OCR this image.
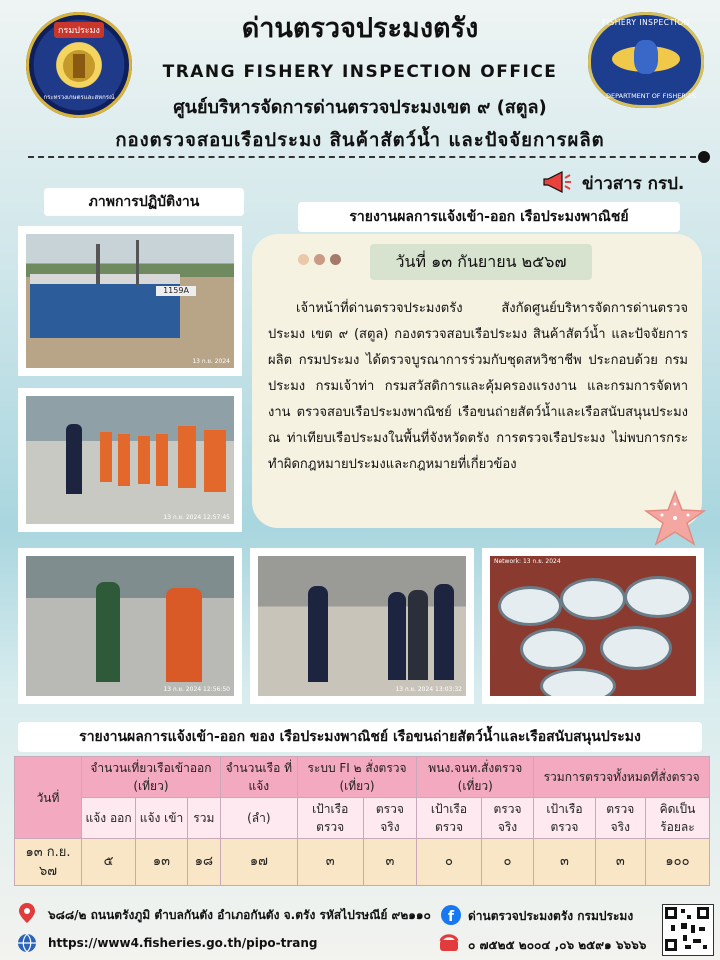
กรมประมง
กระทรวงเกษตรและสหกรณ์
ด่านตรวจประมงตรัง
TRANG FISHERY INSPECTION OFFICE
ศูนย์บริหารจัดการด่านตรวจประมงเขต ๙ (สตูล)
กองตรวจสอบเรือประมง สินค้าสัตว์น้ำ และปัจจัยการผลิต
FISHERY INSPECTION
DEPARTMENT OF FISHERIES
ข่าวสาร กรป.
ภาพการปฏิบัติงาน
รายงานผลการแจ้งเข้า-ออก เรือประมงพาณิชย์
1159A
13 ก.ย. 2024
13 ก.ย. 2024 12:57:45
13 ก.ย. 2024 12:56:50	13 ก.ย. 2024 13:03:32
Network: 13 ก.ย. 2024
วันที่ ๑๓ กันยายน ๒๕๖๗
เจ้าหน้าที่ด่านตรวจประมงตรัง สังกัดศูนย์บริหารจัดการด่านตรวจประมง เขต ๙ (สตูล) กองตรวจสอบเรือประมง สินค้าสัตว์น้ำ และปัจจัยการผลิต กรมประมง ได้ตรวจบูรณาการร่วมกับชุดสหวิชาชีพ ประกอบด้วย กรมประมง กรมเจ้าท่า กรมสวัสดิการและคุ้มครองแรงงาน และกรมการจัดหางาน ตรวจสอบเรือประมงพาณิชย์ เรือขนถ่ายสัตว์น้ำและเรือสนับสนุนประมง ณ ท่าเทียบเรือประมงในพื้นที่จังหวัดตรัง การตรวจเรือประมง ไม่พบการกระทำผิดกฎหมายประมงและกฎหมายที่เกี่ยวข้อง
รายงานผลการแจ้งเข้า-ออก ของ เรือประมงพาณิชย์ เรือขนถ่ายสัตว์น้ำและเรือสนับสนุนประมง
วันที่	จำนวนเที่ยวเรือเข้าออก (เที่ยว)			จำนวนเรือ ที่แจ้ง	ระบบ FI ๒ สั่งตรวจ (เที่ยว)		พนง.จนท.สั่งตรวจ (เที่ยว)		รวมการตรวจทั้งหมดที่สั่งตรวจ		
	แจ้ง ออก	แจ้ง เข้า	รวม	(ลำ)	เป้าเรือ ตรวจ	ตรวจ จริง	เป้าเรือ ตรวจ	ตรวจ จริง	เป้าเรือ ตรวจ	ตรวจ จริง	คิดเป็น ร้อยละ
๑๓ ก.ย. ๖๗	๕	๑๓	๑๘	๑๗	๓	๓	๐	๐	๓	๓	๑๐๐
๖๘๘/๒ ถนนตรังภูมิ ตำบลกันตัง อำเภอกันตัง จ.ตรัง รหัสไปรษณีย์ ๙๒๑๑๐ f ด่านตรวจประมงตรัง กรมประมง
https://www4.fisheries.go.th/pipo-trang	๐ ๗๕๒๕ ๒๐๐๔ ,๐๖ ๒๕๙๑ ๖๖๖๖
